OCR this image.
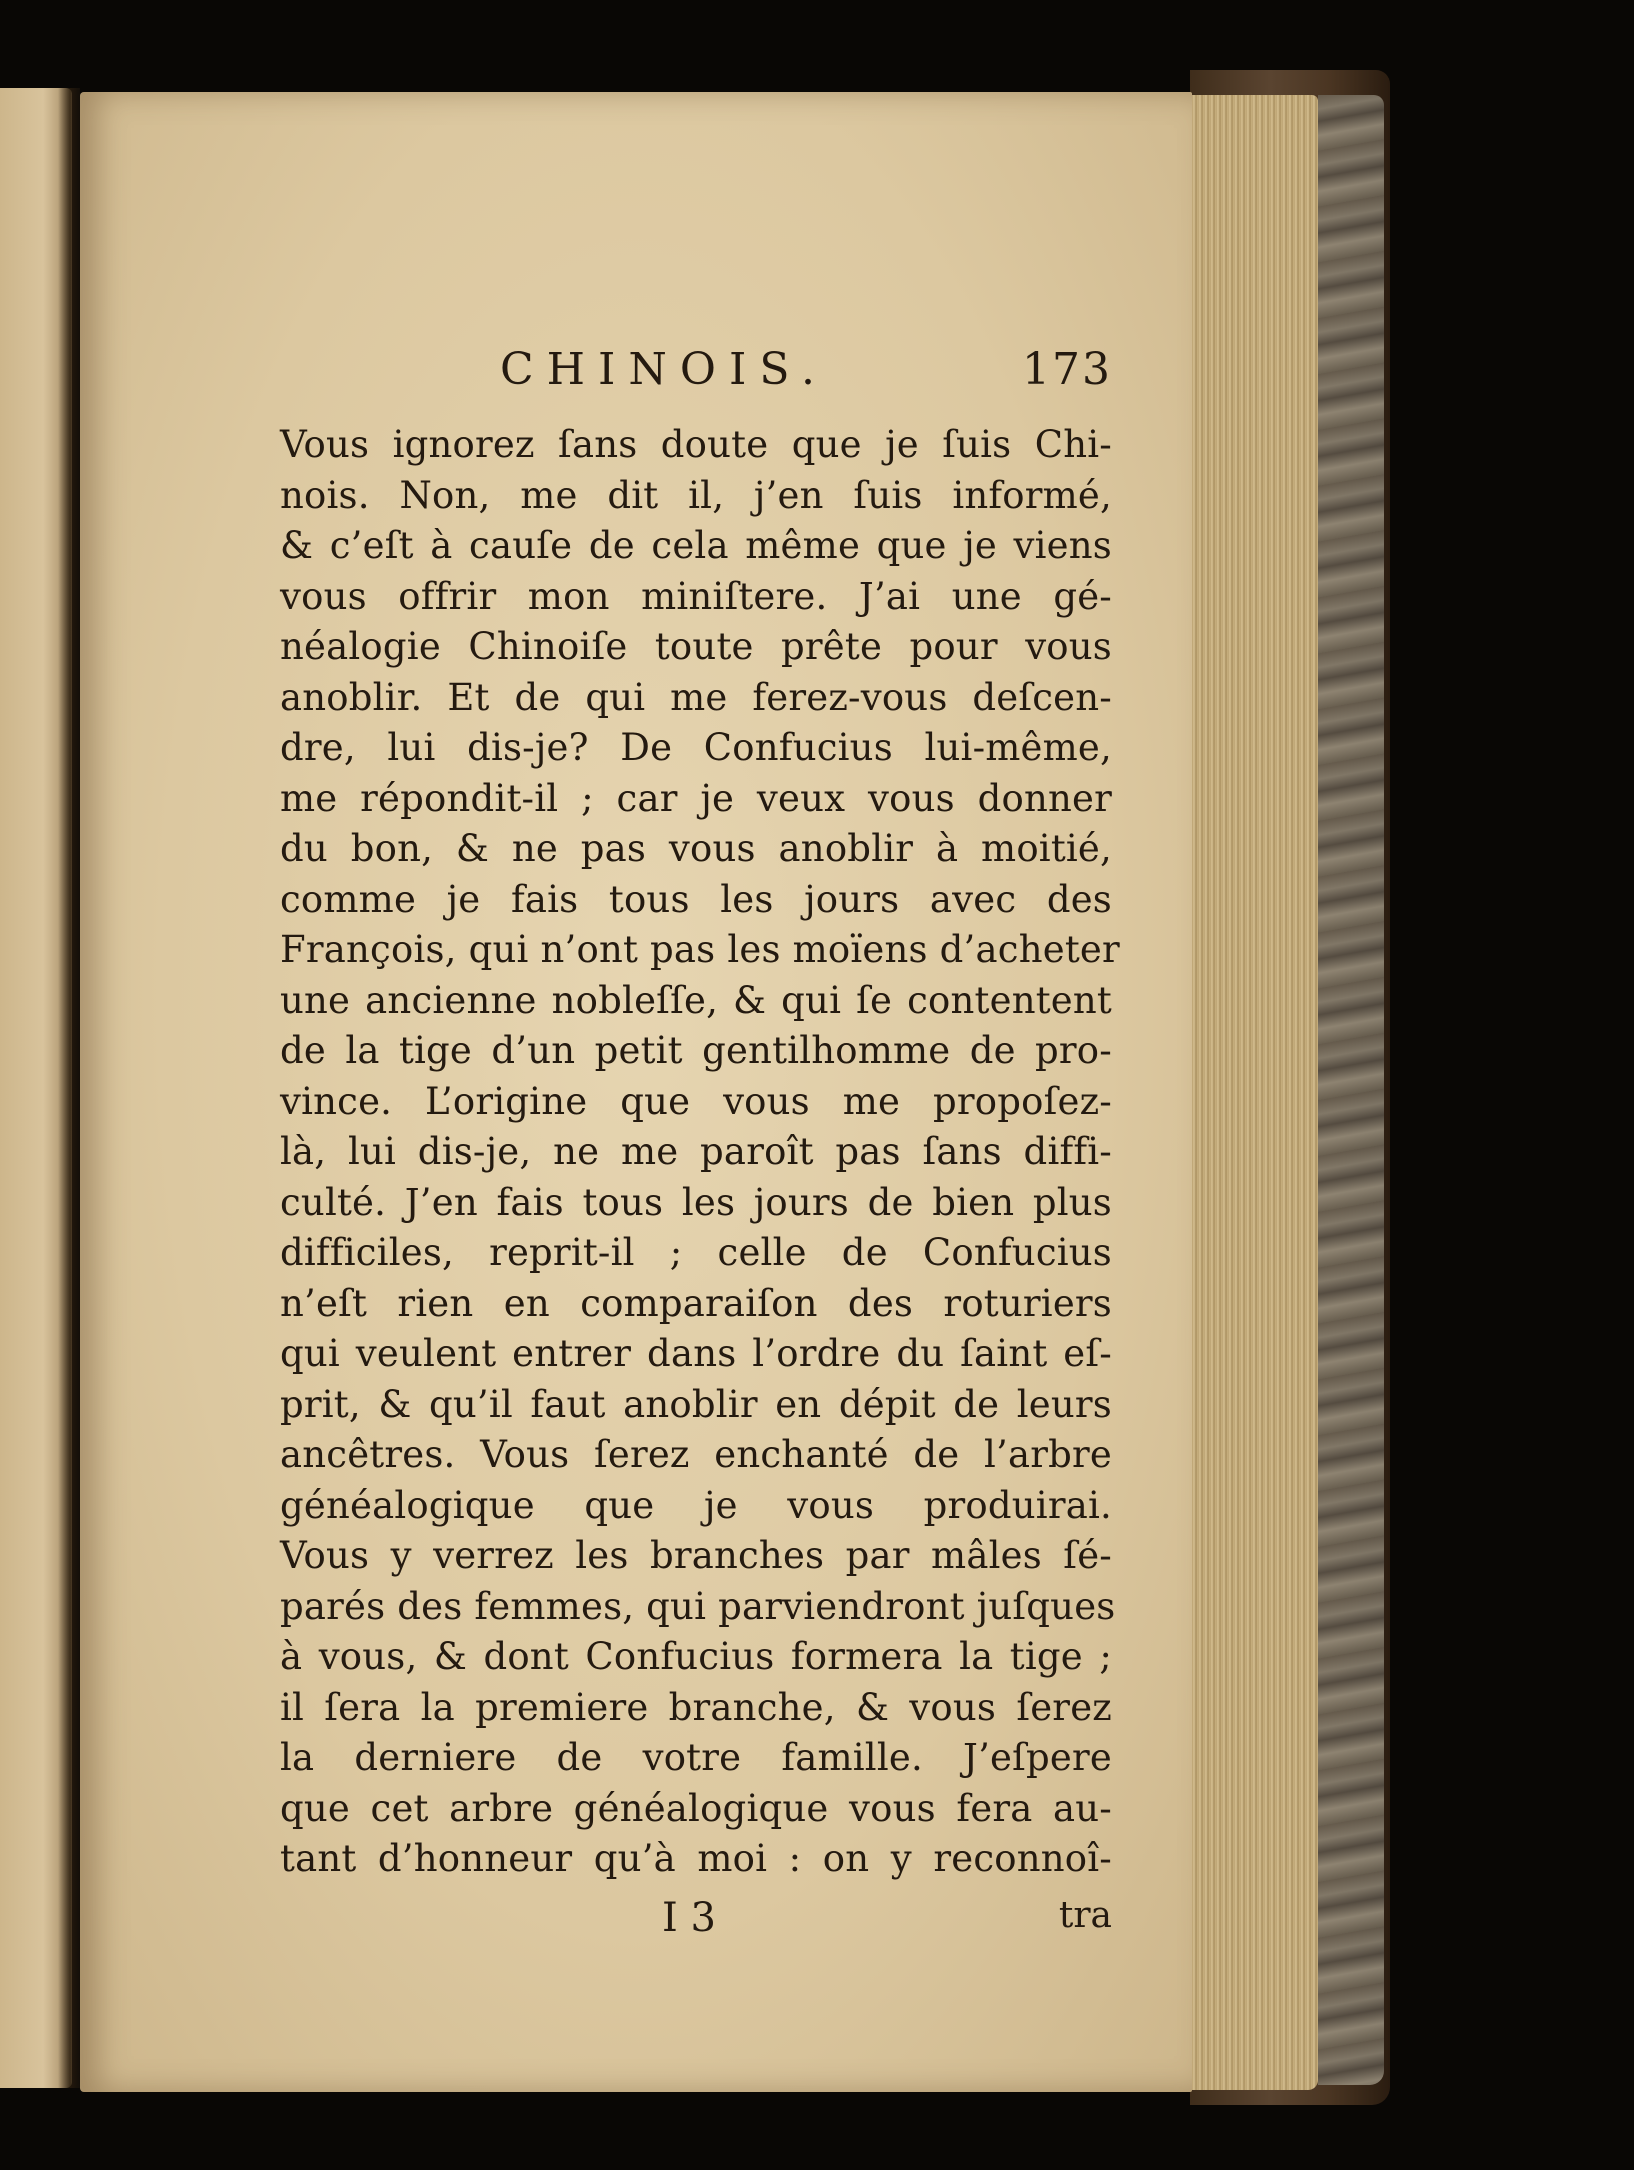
CHINOIS.	173
Vous ignorez ſans doute que je ſuis Chi-
nois. Non, me dit il, j’en ſuis informé,
& c’eſt à cauſe de cela même que je viens
vous offrir mon miniſtere. J’ai une gé-
néalogie Chinoiſe toute prête pour vous
anoblir. Et de qui me ferez-vous deſcen-
dre, lui dis-je? De Confucius lui-même,
me répondit-il ; car je veux vous donner
du bon, & ne pas vous anoblir à moitié,
comme je fais tous les jours avec des
François, qui n’ont pas les moïens d’acheter
une ancienne nobleſſe, & qui ſe contentent
de la tige d’un petit gentilhomme de pro-
vince. L’origine que vous me propoſez-
là, lui dis-je, ne me paroît pas ſans diffi-
culté. J’en fais tous les jours de bien plus
difficiles, reprit-il ; celle de Confucius
n’eſt rien en comparaiſon des roturiers
qui veulent entrer dans l’ordre du ſaint eſ-
prit, & qu’il faut anoblir en dépit de leurs
ancêtres. Vous ſerez enchanté de l’arbre
généalogique que je vous produirai.
Vous y verrez les branches par mâles ſé-
parés des femmes, qui parviendront juſques
à vous, & dont Confucius formera la tige ;
il ſera la premiere branche, & vous ſerez
la derniere de votre famille. J’eſpere
que cet arbre généalogique vous fera au-
tant d’honneur qu’à moi : on y reconnoî-
I 3	tra
